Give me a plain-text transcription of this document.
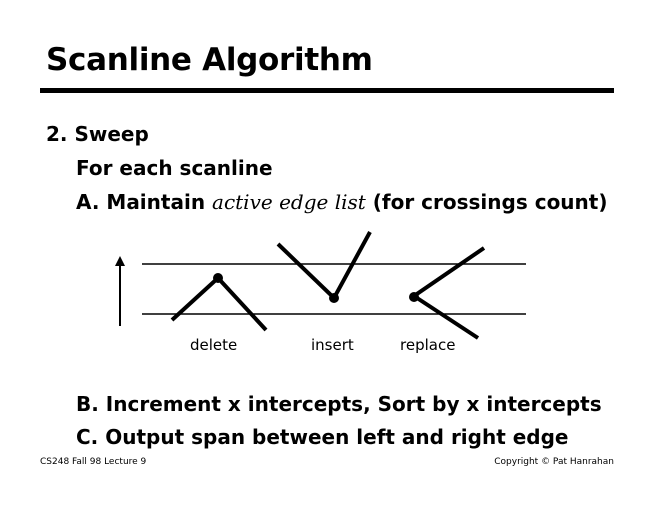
Scanline Algorithm
2. Sweep
For each scanline
A. Maintain active edge list (for crossings count)
delete	insert	replace
B. Increment x intercepts, Sort by x intercepts
C. Output span between left and right edge
CS248 Fall 98 Lecture 9	Copyright © Pat Hanrahan
